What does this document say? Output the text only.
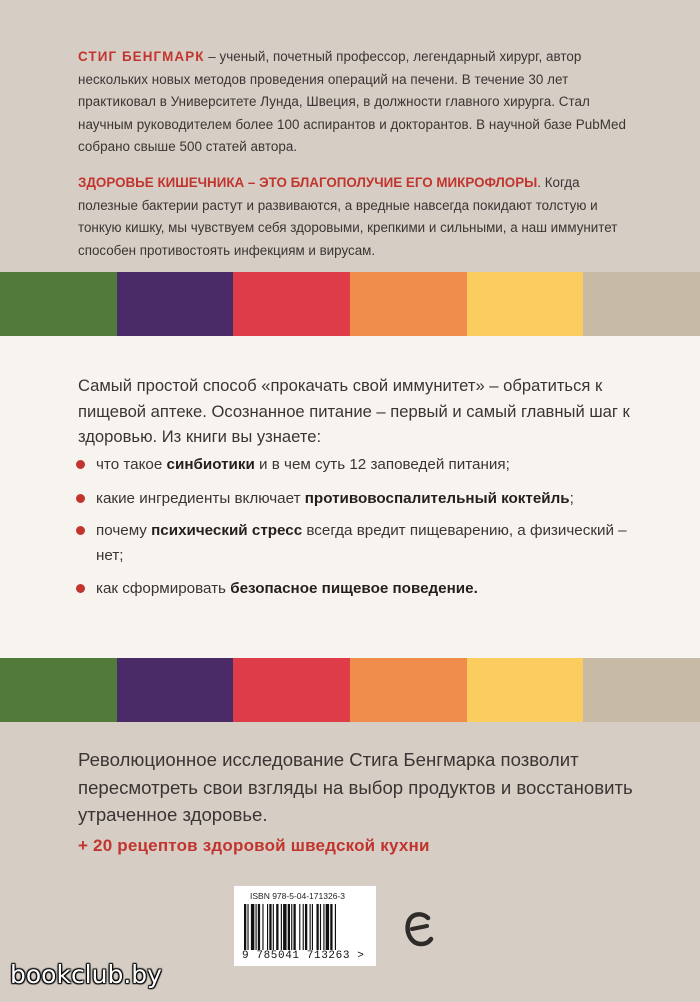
СТИГ БЕНГМАРК – ученый, почетный профессор, легендарный хирург, автор нескольких новых методов проведения операций на печени. В течение 30 лет практиковал в Университете Лунда, Швеция, в должности главного хирурга. Стал научным руководителем более 100 аспирантов и докторантов. В научной базе PubMed собрано свыше 500 статей автора.
ЗДОРОВЬЕ КИШЕЧНИКА – ЭТО БЛАГОПОЛУЧИЕ ЕГО МИКРОФЛОРЫ. Когда полезные бактерии растут и развиваются, а вредные навсегда покидают толстую и тонкую кишку, мы чувствуем себя здоровыми, крепкими и сильными, а наш иммунитет способен противостоять инфекциям и вирусам.
Самый простой способ «прокачать свой иммунитет» – обратиться к пищевой аптеке. Осознанное питание – первый и самый главный шаг к здоровью. Из книги вы узнаете:
что такое синбиотики и в чем суть 12 заповедей питания;
какие ингредиенты включает противовоспалительный коктейль;
почему психический стресс всегда вредит пищеварению, а физический – нет;
как сформировать безопасное пищевое поведение.
Революционное исследование Стига Бенгмарка позволит пересмотреть свои взгляды на выбор продуктов и восстановить утраченное здоровье.
+ 20 рецептов здоровой шведской кухни
ISBN 978-5-04-171326-3
9 785041 713263 >
bookclub.by
